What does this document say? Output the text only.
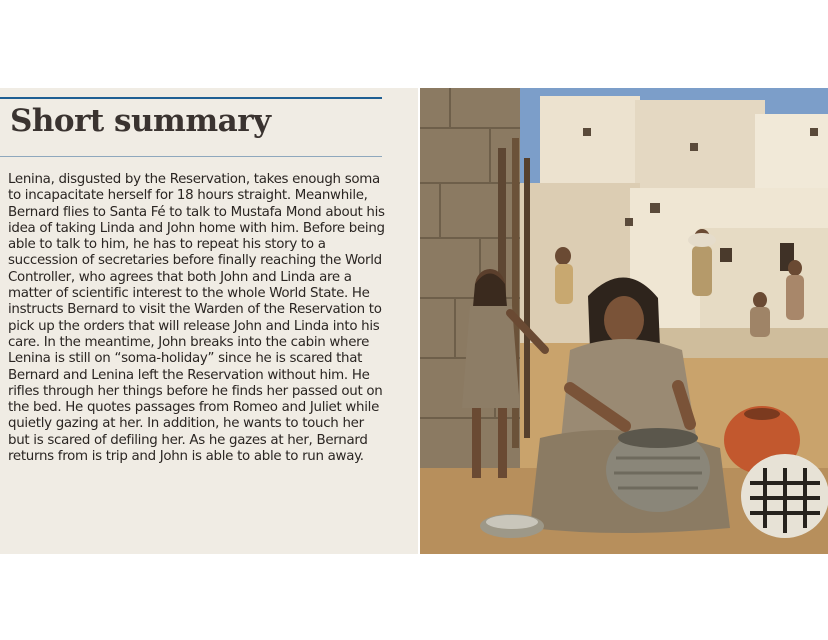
Short summary

Lenina, disgusted by the Reservation, takes enough soma to incapacitate herself for 18 hours straight. Meanwhile, Bernard flies to Santa Fé to talk to Mustafa Mond about his idea of taking Linda and John home with him. Before being able to talk to him, he has to repeat his story to a succession of secretaries before finally reaching the World Controller, who agrees that both John and Linda are a matter of scientific interest to the whole World State. He instructs Bernard to visit the Warden of the Reservation to pick up the orders that will release John and Linda into his care. In the meantime, John breaks into the cabin where Lenina is still on “soma-holiday” since he is scared that Bernard and Lenina left the Reservation without him. He rifles through her things before he finds her passed out on the bed. He quotes passages from Romeo and Juliet while quietly gazing at her. In addition, he wants to touch her but is scared of defiling her. As he gazes at her, Bernard returns from is trip and John is able to able to run away.
